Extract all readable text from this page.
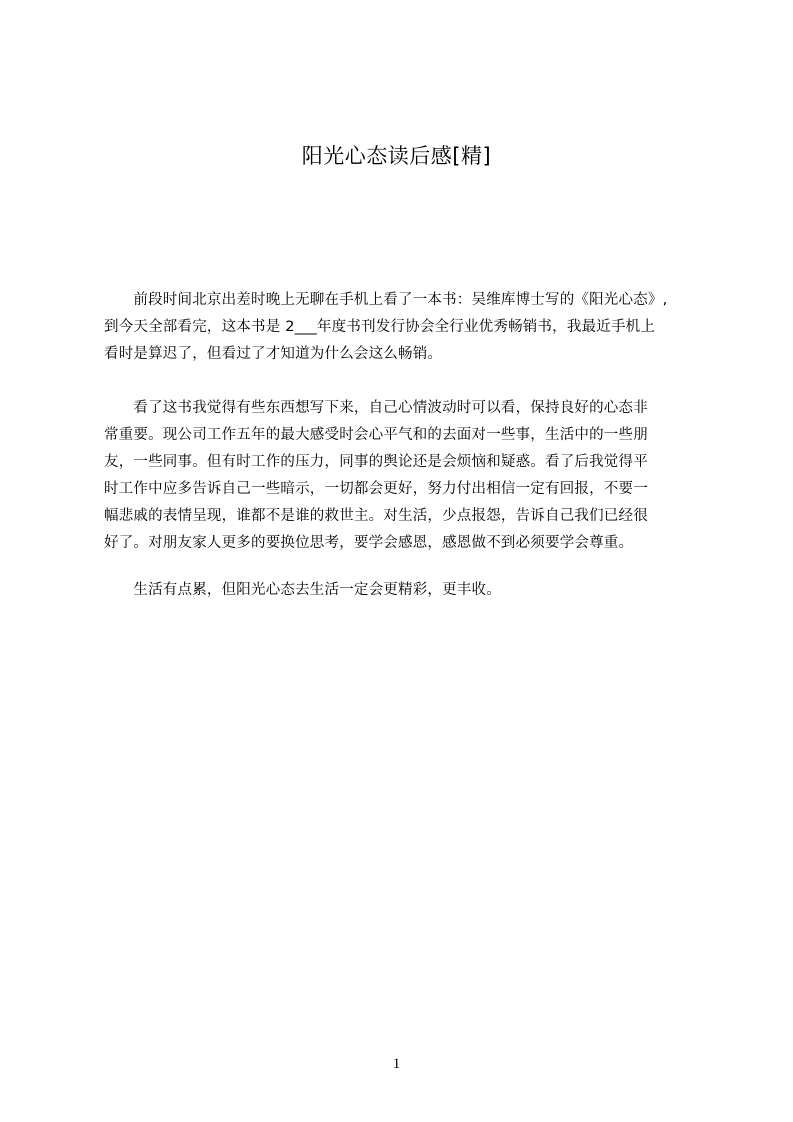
阳光心态读后感[精]
　　前段时间北京出差时晚上无聊在手机上看了一本书：吴维库博士写的《阳光心态》,
到今天全部看完，这本书是 2___年度书刊发行协会全行业优秀畅销书，我最近手机上
看时是算迟了，但看过了才知道为什么会这么畅销。
　　看了这书我觉得有些东西想写下来，自己心情波动时可以看，保持良好的心态非
常重要。现公司工作五年的最大感受时会心平气和的去面对一些事，生活中的一些朋
友，一些同事。但有时工作的压力，同事的舆论还是会烦恼和疑惑。看了后我觉得平
时工作中应多告诉自己一些暗示，一切都会更好，努力付出相信一定有回报，不要一
幅悲戚的表情呈现，谁都不是谁的救世主。对生活，少点报怨，告诉自己我们已经很
好了。对朋友家人更多的要换位思考，要学会感恩，感恩做不到必须要学会尊重。
　　生活有点累，但阳光心态去生活一定会更精彩，更丰收。
1
